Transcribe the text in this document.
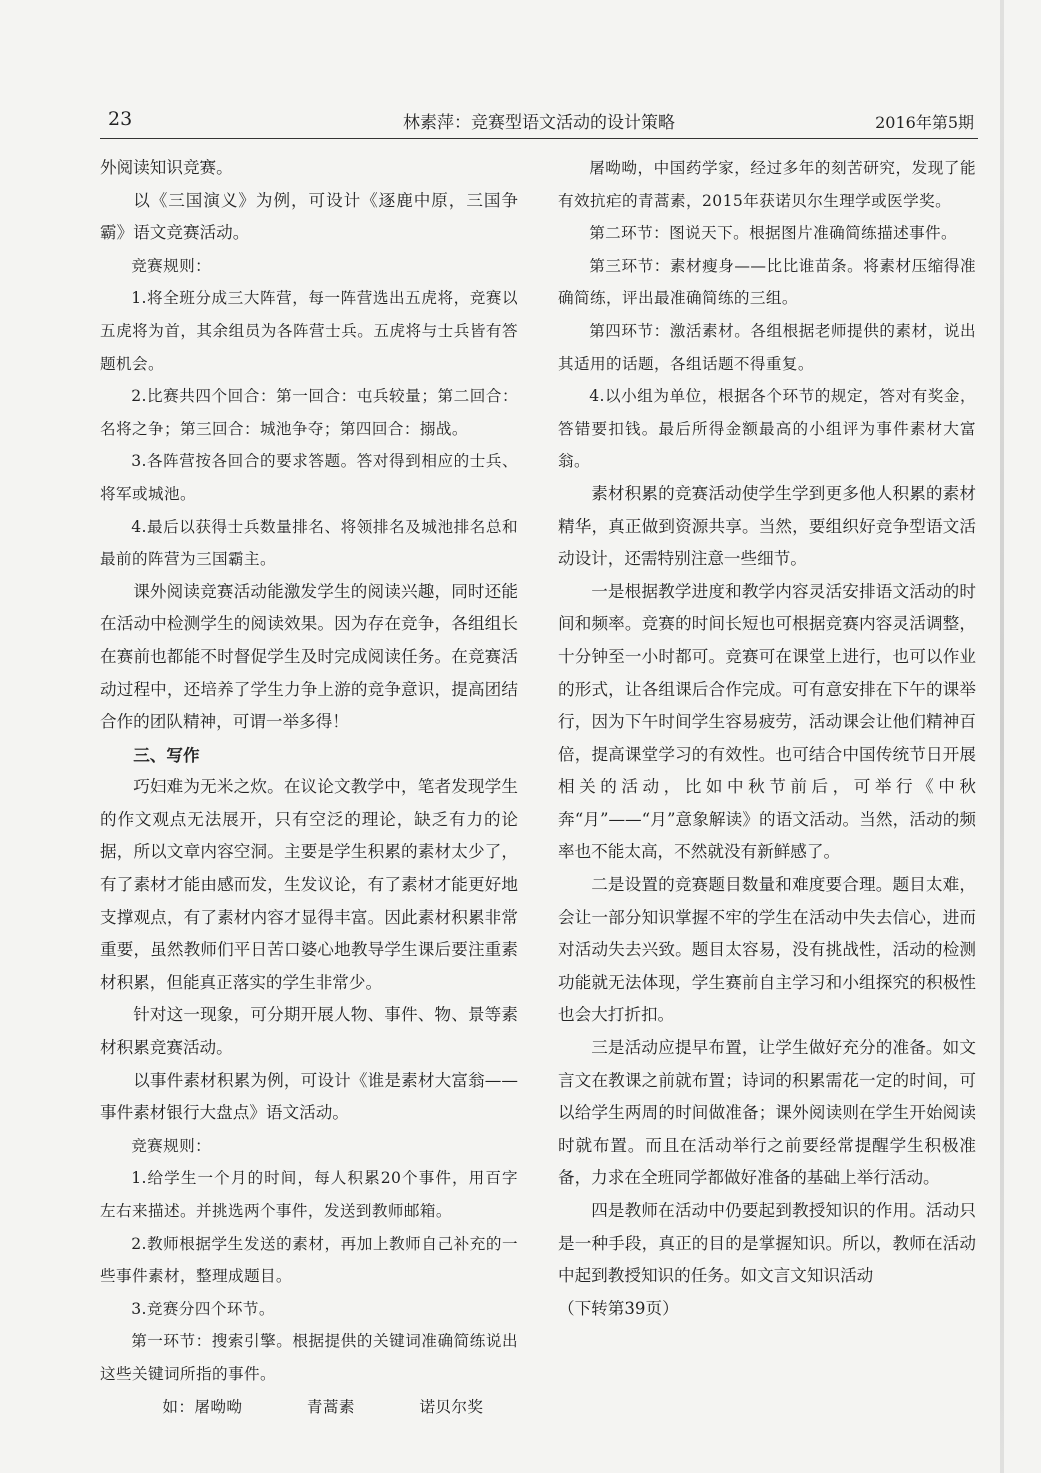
23	林素萍：竞赛型语文活动的设计策略	2016年第5期

外阅读知识竞赛。

以《三国演义》为例，可设计《逐鹿中原，三国争霸》语文竞赛活动。

竞赛规则：

1.将全班分成三大阵营，每一阵营选出五虎将，竞赛以五虎将为首，其余组员为各阵营士兵。五虎将与士兵皆有答题机会。

2.比赛共四个回合：第一回合：屯兵较量；第二回合：名将之争；第三回合：城池争夺；第四回合：搦战。

3.各阵营按各回合的要求答题。答对得到相应的士兵、将军或城池。

4.最后以获得士兵数量排名、将领排名及城池排名总和最前的阵营为三国霸主。

课外阅读竞赛活动能激发学生的阅读兴趣，同时还能在活动中检测学生的阅读效果。因为存在竞争，各组组长在赛前也都能不时督促学生及时完成阅读任务。在竞赛活动过程中，还培养了学生力争上游的竞争意识，提高团结合作的团队精神，可谓一举多得！

三、写作

巧妇难为无米之炊。在议论文教学中，笔者发现学生的作文观点无法展开，只有空泛的理论，缺乏有力的论据，所以文章内容空洞。主要是学生积累的素材太少了，有了素材才能由感而发，生发议论，有了素材才能更好地支撑观点，有了素材内容才显得丰富。因此素材积累非常重要，虽然教师们平日苦口婆心地教导学生课后要注重素材积累，但能真正落实的学生非常少。

针对这一现象，可分期开展人物、事件、物、景等素材积累竞赛活动。

以事件素材积累为例，可设计《谁是素材大富翁——事件素材银行大盘点》语文活动。

竞赛规则：

1.给学生一个月的时间，每人积累20个事件，用百字左右来描述。并挑选两个事件，发送到教师邮箱。

2.教师根据学生发送的素材，再加上教师自己补充的一些事件素材，整理成题目。

3.竞赛分四个环节。

第一环节：搜索引擎。根据提供的关键词准确简练说出这些关键词所指的事件。

如：屠呦呦	青蒿素	诺贝尔奖

屠呦呦，中国药学家，经过多年的刻苦研究，发现了能有效抗疟的青蒿素，2015年获诺贝尔生理学或医学奖。

第二环节：图说天下。根据图片准确简练描述事件。

第三环节：素材瘦身——比比谁苗条。将素材压缩得准确简练，评出最准确简练的三组。

第四环节：激活素材。各组根据老师提供的素材，说出其适用的话题，各组话题不得重复。

4.以小组为单位，根据各个环节的规定，答对有奖金，答错要扣钱。最后所得金额最高的小组评为事件素材大富翁。

素材积累的竞赛活动使学生学到更多他人积累的素材精华，真正做到资源共享。当然，要组织好竞争型语文活动设计，还需特别注意一些细节。

一是根据教学进度和教学内容灵活安排语文活动的时间和频率。竞赛的时间长短也可根据竞赛内容灵活调整，十分钟至一小时都可。竞赛可在课堂上进行，也可以作业的形式，让各组课后合作完成。可有意安排在下午的课举行，因为下午时间学生容易疲劳，活动课会让他们精神百倍，提高课堂学习的有效性。也可结合中国传统节日开展相关的活动，比如中秋节前后，可举行《中秋奔“月”——“月”意象解读》的语文活动。当然，活动的频率也不能太高，不然就没有新鲜感了。

二是设置的竞赛题目数量和难度要合理。题目太难，会让一部分知识掌握不牢的学生在活动中失去信心，进而对活动失去兴致。题目太容易，没有挑战性，活动的检测功能就无法体现，学生赛前自主学习和小组探究的积极性也会大打折扣。

三是活动应提早布置，让学生做好充分的准备。如文言文在教课之前就布置；诗词的积累需花一定的时间，可以给学生两周的时间做准备；课外阅读则在学生开始阅读时就布置。而且在活动举行之前要经常提醒学生积极准备，力求在全班同学都做好准备的基础上举行活动。

四是教师在活动中仍要起到教授知识的作用。活动只是一种手段，真正的目的是掌握知识。所以，教师在活动中起到教授知识的任务。如文言文知识活动

（下转第39页）
